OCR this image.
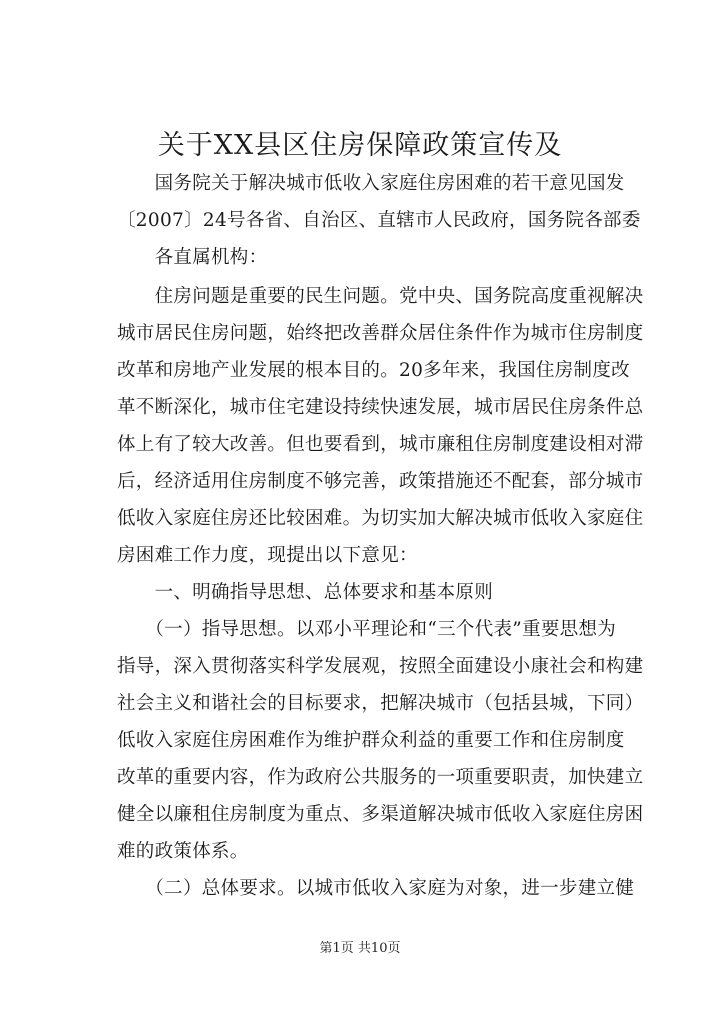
关于XX县区住房保障政策宣传及
　　国务院关于解决城市低收入家庭住房困难的若干意见国发
〔2007〕24号各省、自治区、直辖市人民政府，国务院各部委
　　各直属机构：
　　住房问题是重要的民生问题。党中央、国务院高度重视解决
城市居民住房问题，始终把改善群众居住条件作为城市住房制度
改革和房地产业发展的根本目的。20多年来，我国住房制度改
革不断深化，城市住宅建设持续快速发展，城市居民住房条件总
体上有了较大改善。但也要看到，城市廉租住房制度建设相对滞
后，经济适用住房制度不够完善，政策措施还不配套，部分城市
低收入家庭住房还比较困难。为切实加大解决城市低收入家庭住
房困难工作力度，现提出以下意见：
　　一、明确指导思想、总体要求和基本原则
　　（一）指导思想。以邓小平理论和“三个代表”重要思想为
指导，深入贯彻落实科学发展观，按照全面建设小康社会和构建
社会主义和谐社会的目标要求，把解决城市（包括县城，下同）
低收入家庭住房困难作为维护群众利益的重要工作和住房制度
改革的重要内容，作为政府公共服务的一项重要职责，加快建立
健全以廉租住房制度为重点、多渠道解决城市低收入家庭住房困
难的政策体系。
　　（二）总体要求。以城市低收入家庭为对象，进一步建立健
第1页 共10页
